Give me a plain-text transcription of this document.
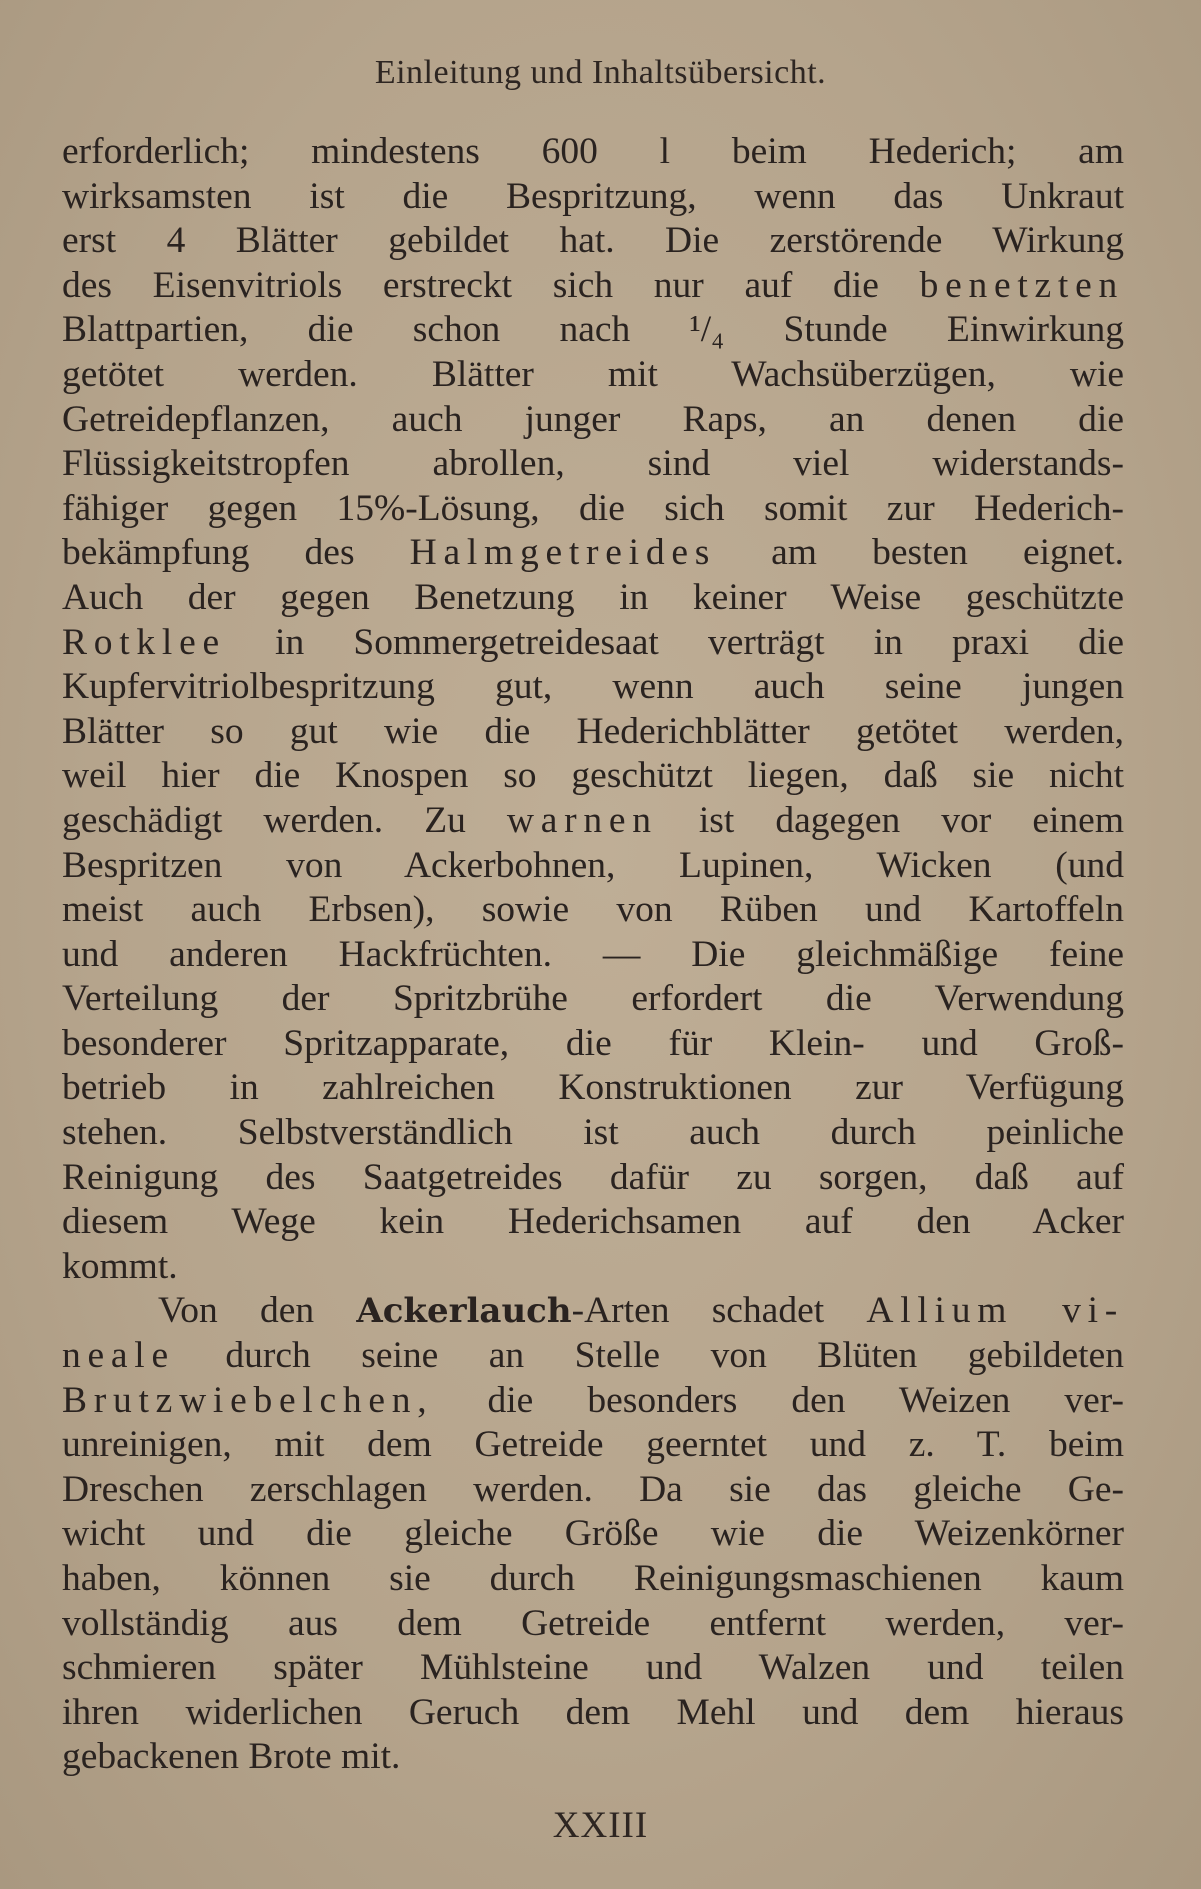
Einleitung und Inhaltsübersicht.
erforderlich; mindestens 600 l beim Hederich; am
wirksamsten ist die Bespritzung, wenn das Unkraut
erst 4 Blätter gebildet hat. Die zerstörende Wirkung
des Eisenvitriols erstreckt sich nur auf die benetzten
Blattpartien, die schon nach ¹/₄ Stunde Einwirkung
getötet werden. Blätter mit Wachsüberzügen, wie
Getreidepflanzen, auch junger Raps, an denen die
Flüssigkeitstropfen abrollen, sind viel widerstands-
fähiger gegen 15%-Lösung, die sich somit zur Hederich-
bekämpfung des Halmgetreides am besten eignet.
Auch der gegen Benetzung in keiner Weise geschützte
Rotklee in Sommergetreidesaat verträgt in praxi die
Kupfervitriolbespritzung gut, wenn auch seine jungen
Blätter so gut wie die Hederichblätter getötet werden,
weil hier die Knospen so geschützt liegen, daß sie nicht
geschädigt werden. Zu warnen ist dagegen vor einem
Bespritzen von Ackerbohnen, Lupinen, Wicken (und
meist auch Erbsen), sowie von Rüben und Kartoffeln
und anderen Hackfrüchten. — Die gleichmäßige feine
Verteilung der Spritzbrühe erfordert die Verwendung
besonderer Spritzapparate, die für Klein- und Groß-
betrieb in zahlreichen Konstruktionen zur Verfügung
stehen. Selbstverständlich ist auch durch peinliche
Reinigung des Saatgetreides dafür zu sorgen, daß auf
diesem Wege kein Hederichsamen auf den Acker
kommt.
Von den Ackerlauch-Arten schadet Allium vi-
neale durch seine an Stelle von Blüten gebildeten
Brutzwiebelchen, die besonders den Weizen ver-
unreinigen, mit dem Getreide geerntet und z. T. beim
Dreschen zerschlagen werden. Da sie das gleiche Ge-
wicht und die gleiche Größe wie die Weizenkörner
haben, können sie durch Reinigungsmaschienen kaum
vollständig aus dem Getreide entfernt werden, ver-
schmieren später Mühlsteine und Walzen und teilen
ihren widerlichen Geruch dem Mehl und dem hieraus
gebackenen Brote mit.
XXIII
